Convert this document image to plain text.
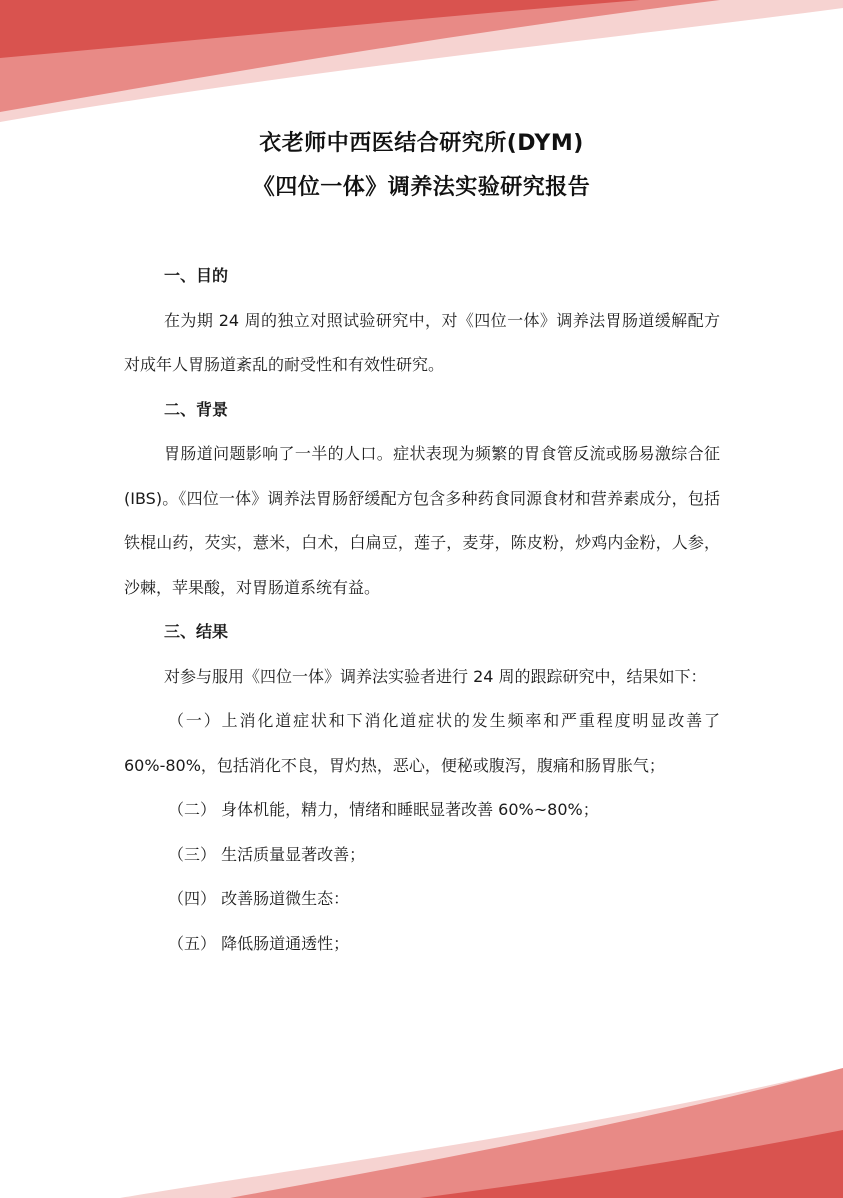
衣老师中西医结合研究所(DYM)
《四位一体》调养法实验研究报告

一、目的

在为期 24 周的独立对照试验研究中，对《四位一体》调养法胃肠道缓解配方对成年人胃肠道紊乱的耐受性和有效性研究。

二、背景

胃肠道问题影响了一半的人口。症状表现为频繁的胃食管反流或肠易激综合征(IBS)。《四位一体》调养法胃肠舒缓配方包含多种药食同源食材和营养素成分，包括铁棍山药，芡实，薏米，白术，白扁豆，莲子，麦芽，陈皮粉，炒鸡内金粉，人参，沙棘，苹果酸，对胃肠道系统有益。

三、结果

对参与服用《四位一体》调养法实验者进行 24 周的跟踪研究中，结果如下：

（一）上消化道症状和下消化道症状的发生频率和严重程度明显改善了 60%-80%，包括消化不良，胃灼热，恶心，便秘或腹泻，腹痛和肠胃胀气；

（二） 身体机能，精力，情绪和睡眠显著改善 60%~80%；

（三） 生活质量显著改善；

（四） 改善肠道微生态：

（五） 降低肠道通透性；
